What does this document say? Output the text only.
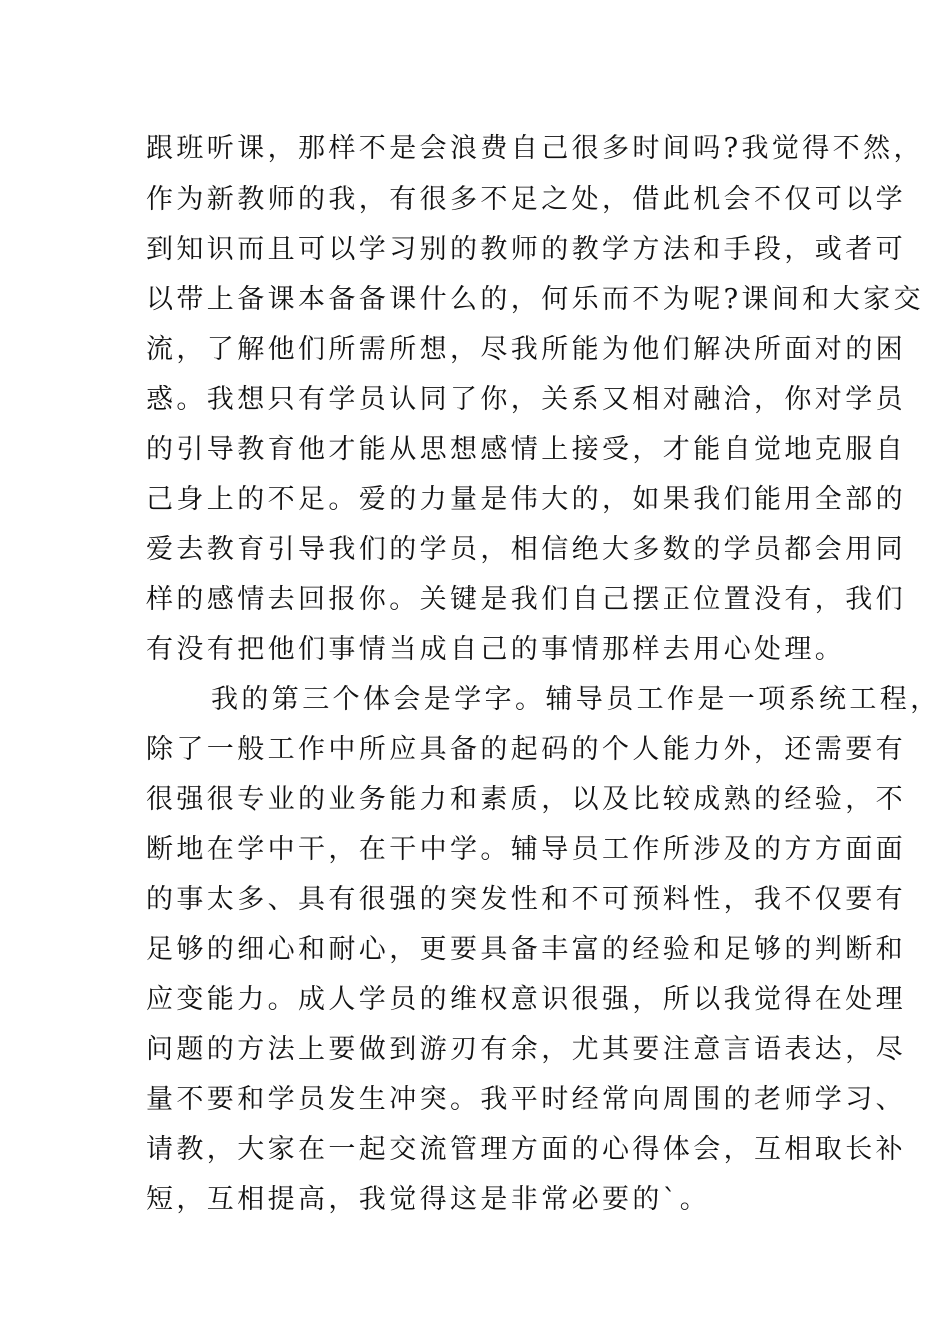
跟班听课，那样不是会浪费自己很多时间吗?我觉得不然，
作为新教师的我，有很多不足之处，借此机会不仅可以学
到知识而且可以学习别的教师的教学方法和手段，或者可
以带上备课本备备课什么的，何乐而不为呢?课间和大家交
流，了解他们所需所想，尽我所能为他们解决所面对的困
惑。我想只有学员认同了你，关系又相对融洽，你对学员
的引导教育他才能从思想感情上接受，才能自觉地克服自
己身上的不足。爱的力量是伟大的，如果我们能用全部的
爱去教育引导我们的学员，相信绝大多数的学员都会用同
样的感情去回报你。关键是我们自己摆正位置没有，我们
有没有把他们事情当成自己的事情那样去用心处理。
我的第三个体会是学字。辅导员工作是一项系统工程，
除了一般工作中所应具备的起码的个人能力外，还需要有
很强很专业的业务能力和素质，以及比较成熟的经验，不
断地在学中干，在干中学。辅导员工作所涉及的方方面面
的事太多、具有很强的突发性和不可预料性，我不仅要有
足够的细心和耐心，更要具备丰富的经验和足够的判断和
应变能力。成人学员的维权意识很强，所以我觉得在处理
问题的方法上要做到游刃有余，尤其要注意言语表达，尽
量不要和学员发生冲突。我平时经常向周围的老师学习、
请教，大家在一起交流管理方面的心得体会，互相取长补
短，互相提高，我觉得这是非常必要的`。
